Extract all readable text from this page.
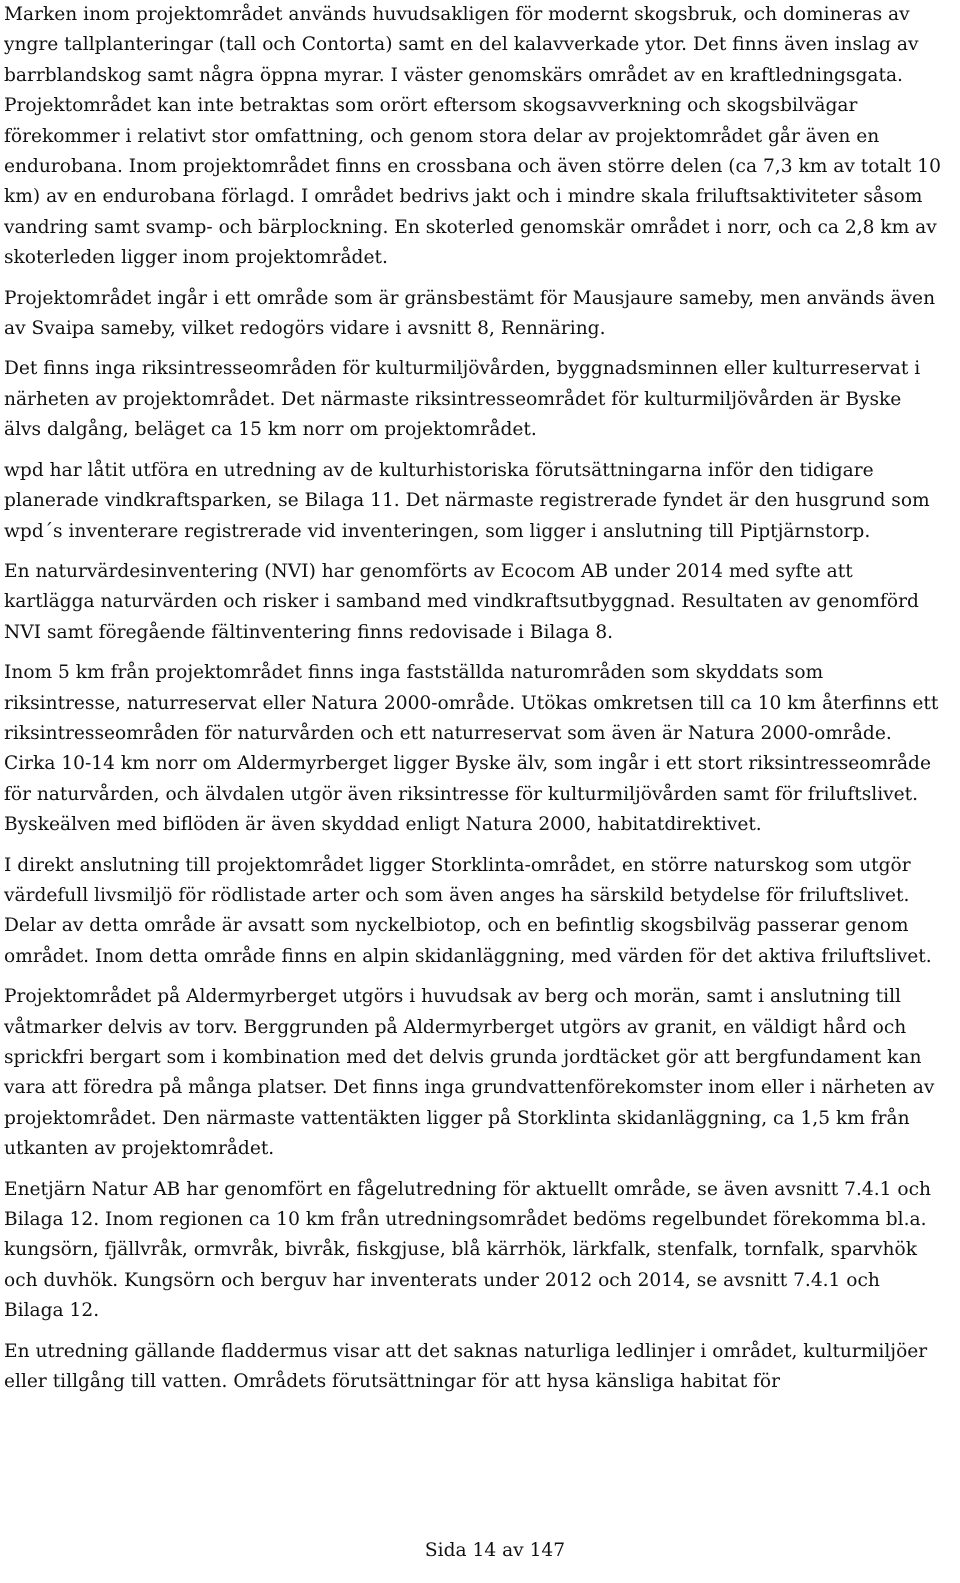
Marken inom projektområdet används huvudsakligen för modernt skogsbruk, och domineras av yngre tallplanteringar (tall och Contorta) samt en del kalavverkade ytor. Det finns även inslag av barrblandskog samt några öppna myrar. I väster genomskärs området av en kraftledningsgata. Projektområdet kan inte betraktas som orört eftersom skogsavverkning och skogsbilvägar förekommer i relativt stor omfattning, och genom stora delar av projektområdet går även en endurobana. Inom projektområdet finns en crossbana och även större delen (ca 7,3 km av totalt 10 km) av en endurobana förlagd. I området bedrivs jakt och i mindre skala friluftsaktiviteter såsom vandring samt svamp- och bärplockning. En skoterled genomskär området i norr, och ca 2,8 km av skoterleden ligger inom projektområdet.

Projektområdet ingår i ett område som är gränsbestämt för Mausjaure sameby, men används även av Svaipa sameby, vilket redogörs vidare i avsnitt 8, Rennäring.

Det finns inga riksintresseområden för kulturmiljövården, byggnadsminnen eller kulturreservat i närheten av projektområdet. Det närmaste riksintresseområdet för kulturmiljövården är Byske älvs dalgång, beläget ca 15 km norr om projektområdet.

wpd har låtit utföra en utredning av de kulturhistoriska förutsättningarna inför den tidigare planerade vindkraftsparken, se Bilaga 11. Det närmaste registrerade fyndet är den husgrund som wpd´s inventerare registrerade vid inventeringen, som ligger i anslutning till Piptjärnstorp.

En naturvärdesinventering (NVI) har genomförts av Ecocom AB under 2014 med syfte att kartlägga naturvärden och risker i samband med vindkraftsutbyggnad. Resultaten av genomförd NVI samt föregående fältinventering finns redovisade i Bilaga 8.

Inom 5 km från projektområdet finns inga fastställda naturområden som skyddats som riksintresse, naturreservat eller Natura 2000-område. Utökas omkretsen till ca 10 km återfinns ett riksintresseområden för naturvården och ett naturreservat som även är Natura 2000-område. Cirka 10-14 km norr om Aldermyrberget ligger Byske älv, som ingår i ett stort riksintresseområde för naturvården, och älvdalen utgör även riksintresse för kulturmiljövården samt för friluftslivet. Byskeälven med biflöden är även skyddad enligt Natura 2000, habitatdirektivet.

I direkt anslutning till projektområdet ligger Storklinta-området, en större naturskog som utgör värdefull livsmiljö för rödlistade arter och som även anges ha särskild betydelse för friluftslivet. Delar av detta område är avsatt som nyckelbiotop, och en befintlig skogsbilväg passerar genom området. Inom detta område finns en alpin skidanläggning, med värden för det aktiva friluftslivet.

Projektområdet på Aldermyrberget utgörs i huvudsak av berg och morän, samt i anslutning till våtmarker delvis av torv. Berggrunden på Aldermyrberget utgörs av granit, en väldigt hård och sprickfri bergart som i kombination med det delvis grunda jordtäcket gör att bergfundament kan vara att föredra på många platser. Det finns inga grundvattenförekomster inom eller i närheten av projektområdet. Den närmaste vattentäkten ligger på Storklinta skidanläggning, ca 1,5 km från utkanten av projektområdet.

Enetjärn Natur AB har genomfört en fågelutredning för aktuellt område, se även avsnitt 7.4.1 och Bilaga 12. Inom regionen ca 10 km från utredningsområdet bedöms regelbundet förekomma bl.a. kungsörn, fjällvråk, ormvråk, bivråk, fiskgjuse, blå kärrhök, lärkfalk, stenfalk, tornfalk, sparvhök och duvhök. Kungsörn och berguv har inventerats under 2012 och 2014, se avsnitt 7.4.1 och Bilaga 12.

En utredning gällande fladdermus visar att det saknas naturliga ledlinjer i området, kulturmiljöer eller tillgång till vatten. Områdets förutsättningar för att hysa känsliga habitat för

Sida 14 av 147
